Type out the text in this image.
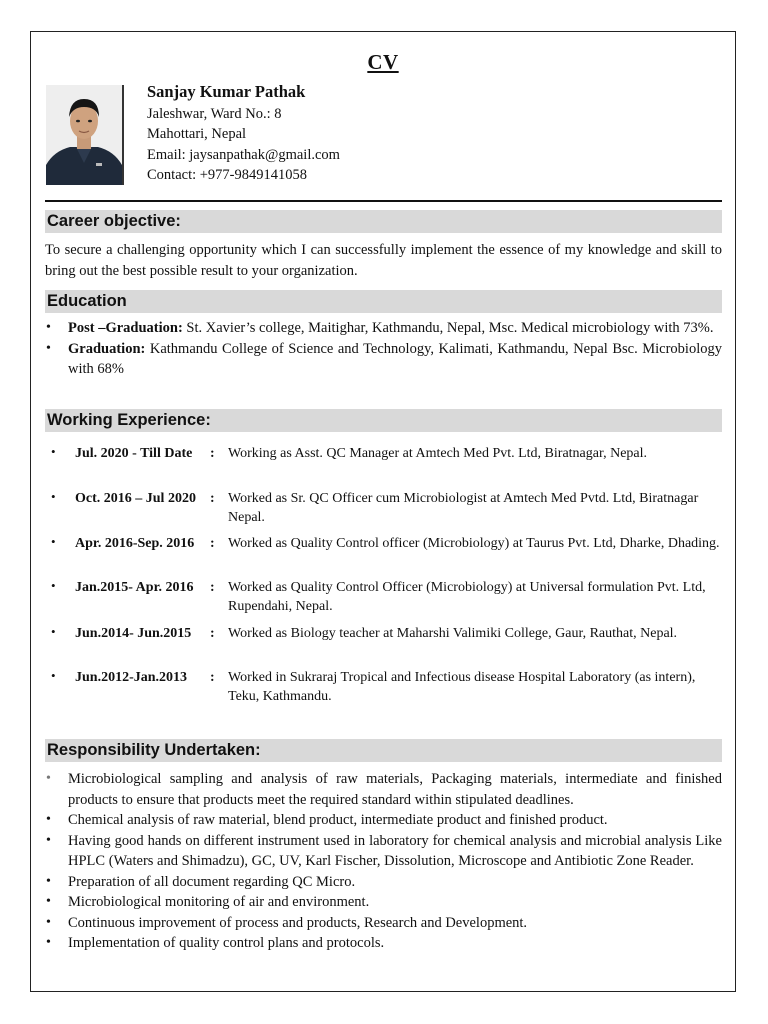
CV
Sanjay Kumar Pathak
Jaleshwar, Ward No.: 8
Mahottari, Nepal
Email: jaysanpathak@gmail.com
Contact: +977-9849141058
Career objective:
To secure a challenging opportunity which I can successfully implement the essence of my knowledge and skill to bring out the best possible result to your organization.
Education
• Post –Graduation: St. Xavier’s college, Maitighar, Kathmandu, Nepal, Msc. Medical microbiology with 73%.
• Graduation: Kathmandu College of Science and Technology, Kalimati, Kathmandu, Nepal Bsc. Microbiology with 68%
Working Experience:
• Jul. 2020 - Till Date : Working as Asst. QC Manager at Amtech Med Pvt. Ltd, Biratnagar, Nepal.
• Oct. 2016 – Jul 2020 : Worked as Sr. QC Officer cum Microbiologist at Amtech Med Pvtd. Ltd, Biratnagar Nepal.
• Apr. 2016-Sep. 2016 : Worked as Quality Control officer (Microbiology) at Taurus Pvt. Ltd, Dharke, Dhading.
• Jan.2015- Apr. 2016 : Worked as Quality Control Officer (Microbiology) at Universal formulation Pvt. Ltd, Rupendahi, Nepal.
• Jun.2014- Jun.2015 : Worked as Biology teacher at Maharshi Valimiki College, Gaur, Rauthat, Nepal.
• Jun.2012-Jan.2013 : Worked in Sukraraj Tropical and Infectious disease Hospital Laboratory (as intern), Teku, Kathmandu.
Responsibility Undertaken:
• Microbiological sampling and analysis of raw materials, Packaging materials, intermediate and finished products to ensure that products meet the required standard within stipulated deadlines.
• Chemical analysis of raw material, blend product, intermediate product and finished product.
• Having good hands on different instrument used in laboratory for chemical analysis and microbial analysis Like HPLC (Waters and Shimadzu), GC, UV, Karl Fischer, Dissolution, Microscope and Antibiotic Zone Reader.
• Preparation of all document regarding QC Micro.
• Microbiological monitoring of air and environment.
• Continuous improvement of process and products, Research and Development.
• Implementation of quality control plans and protocols.
